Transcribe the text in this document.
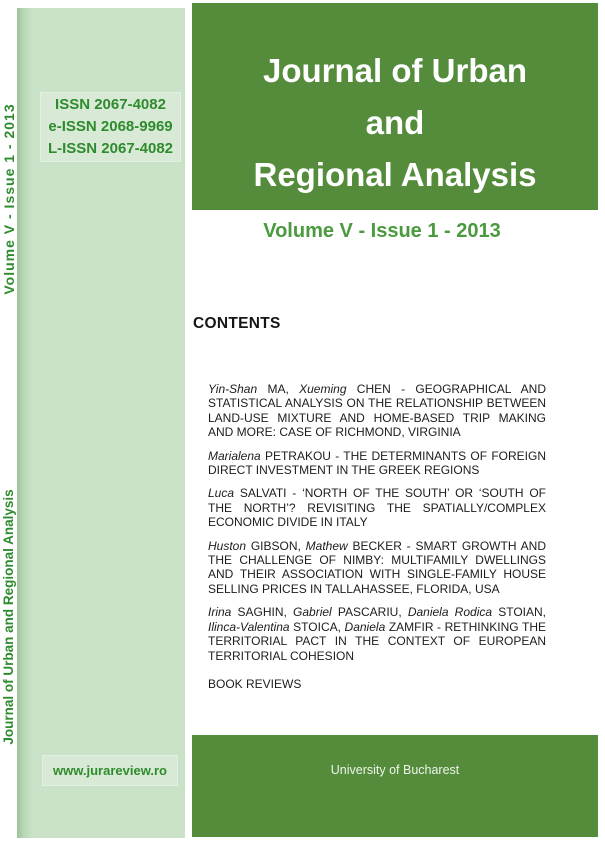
Volume V - Issue 1 - 2013
Journal of Urban and Regional Analysis
ISSN 2067-4082
e-ISSN 2068-9969
L-ISSN 2067-4082
Journal of Urban
and
Regional Analysis
Volume V - Issue 1 - 2013
CONTENTS

Yin-Shan MA, Xueming CHEN - GEOGRAPHICAL AND STATISTICAL ANALYSIS ON THE RELATIONSHIP BETWEEN LAND-USE MIXTURE AND HOME-BASED TRIP MAKING AND MORE: CASE OF RICHMOND, VIRGINIA

Marialena PETRAKOU - THE DETERMINANTS OF FOREIGN DIRECT INVESTMENT IN THE GREEK REGIONS

Luca SALVATI - ‘NORTH OF THE SOUTH’ OR ‘SOUTH OF THE NORTH’? REVISITING THE SPATIALLY/COMPLEX ECONOMIC DIVIDE IN ITALY

Huston GIBSON, Mathew BECKER - SMART GROWTH AND THE CHALLENGE OF NIMBY: MULTIFAMILY DWELLINGS AND THEIR ASSOCIATION WITH SINGLE-FAMILY HOUSE SELLING PRICES IN TALLAHASSEE, FLORIDA, USA

Irina SAGHIN, Gabriel PASCARIU, Daniela Rodica STOIAN, Ilinca-Valentina STOICA, Daniela ZAMFIR - RETHINKING THE TERRITORIAL PACT IN THE CONTEXT OF EUROPEAN TERRITORIAL COHESION

BOOK REVIEWS

www.jurareview.ro	University of Bucharest
